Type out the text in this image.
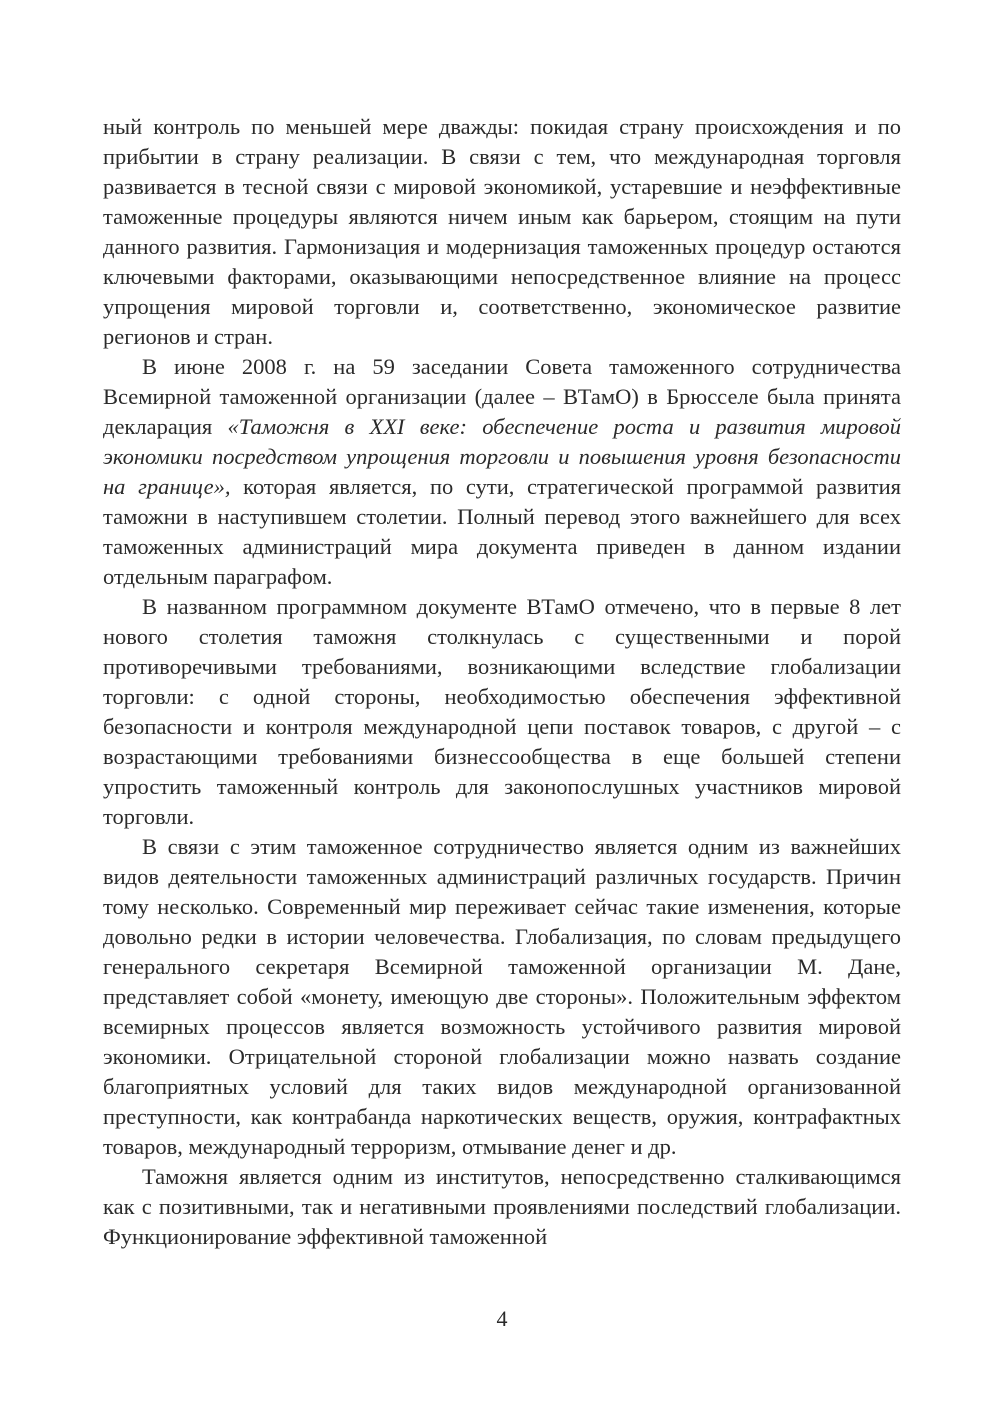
ный контроль по меньшей мере дважды: покидая страну происхождения и по прибытии в страну реализации. В связи с тем, что международная торговля развивается в тесной связи с мировой экономикой, устаревшие и неэффективные таможенные процедуры являются ничем иным как барьером, стоящим на пути данного развития. Гармонизация и модернизация таможенных процедур остаются ключевыми факторами, оказывающими непосредственное влияние на процесс упрощения мировой торговли и, соответственно, экономическое развитие регионов и стран.

В июне 2008 г. на 59 заседании Совета таможенного сотрудничества Всемирной таможенной организации (далее – ВТамО) в Брюсселе была принята декларация «Таможня в XXI веке: обеспечение роста и развития мировой экономики посредством упрощения торговли и повышения уровня безопасности на границе», которая является, по сути, стратегической программой развития таможни в наступившем столетии. Полный перевод этого важнейшего для всех таможенных администраций мира документа приведен в данном издании отдельным параграфом.

В названном программном документе ВТамО отмечено, что в первые 8 лет нового столетия таможня столкнулась с существенными и порой противоречивыми требованиями, возникающими вследствие глобализации торговли: с одной стороны, необходимостью обеспечения эффективной безопасности и контроля международной цепи поставок товаров, с другой – с возрастающими требованиями бизнессообщества в еще большей степени упростить таможенный контроль для законопослушных участников мировой торговли.

В связи с этим таможенное сотрудничество является одним из важнейших видов деятельности таможенных администраций различных государств. Причин тому несколько. Современный мир переживает сейчас такие изменения, которые довольно редки в истории человечества. Глобализация, по словам предыдущего генерального секретаря Всемирной таможенной организации М. Дане, представляет собой «монету, имеющую две стороны». Положительным эффектом всемирных процессов является возможность устойчивого развития мировой экономики. Отрицательной стороной глобализации можно назвать создание благоприятных условий для таких видов международной организованной преступности, как контрабанда наркотических веществ, оружия, контрафактных товаров, международный терроризм, отмывание денег и др.

Таможня является одним из институтов, непосредственно сталкивающимся как с позитивными, так и негативными проявлениями последствий глобализации. Функционирование эффективной таможенной

4
